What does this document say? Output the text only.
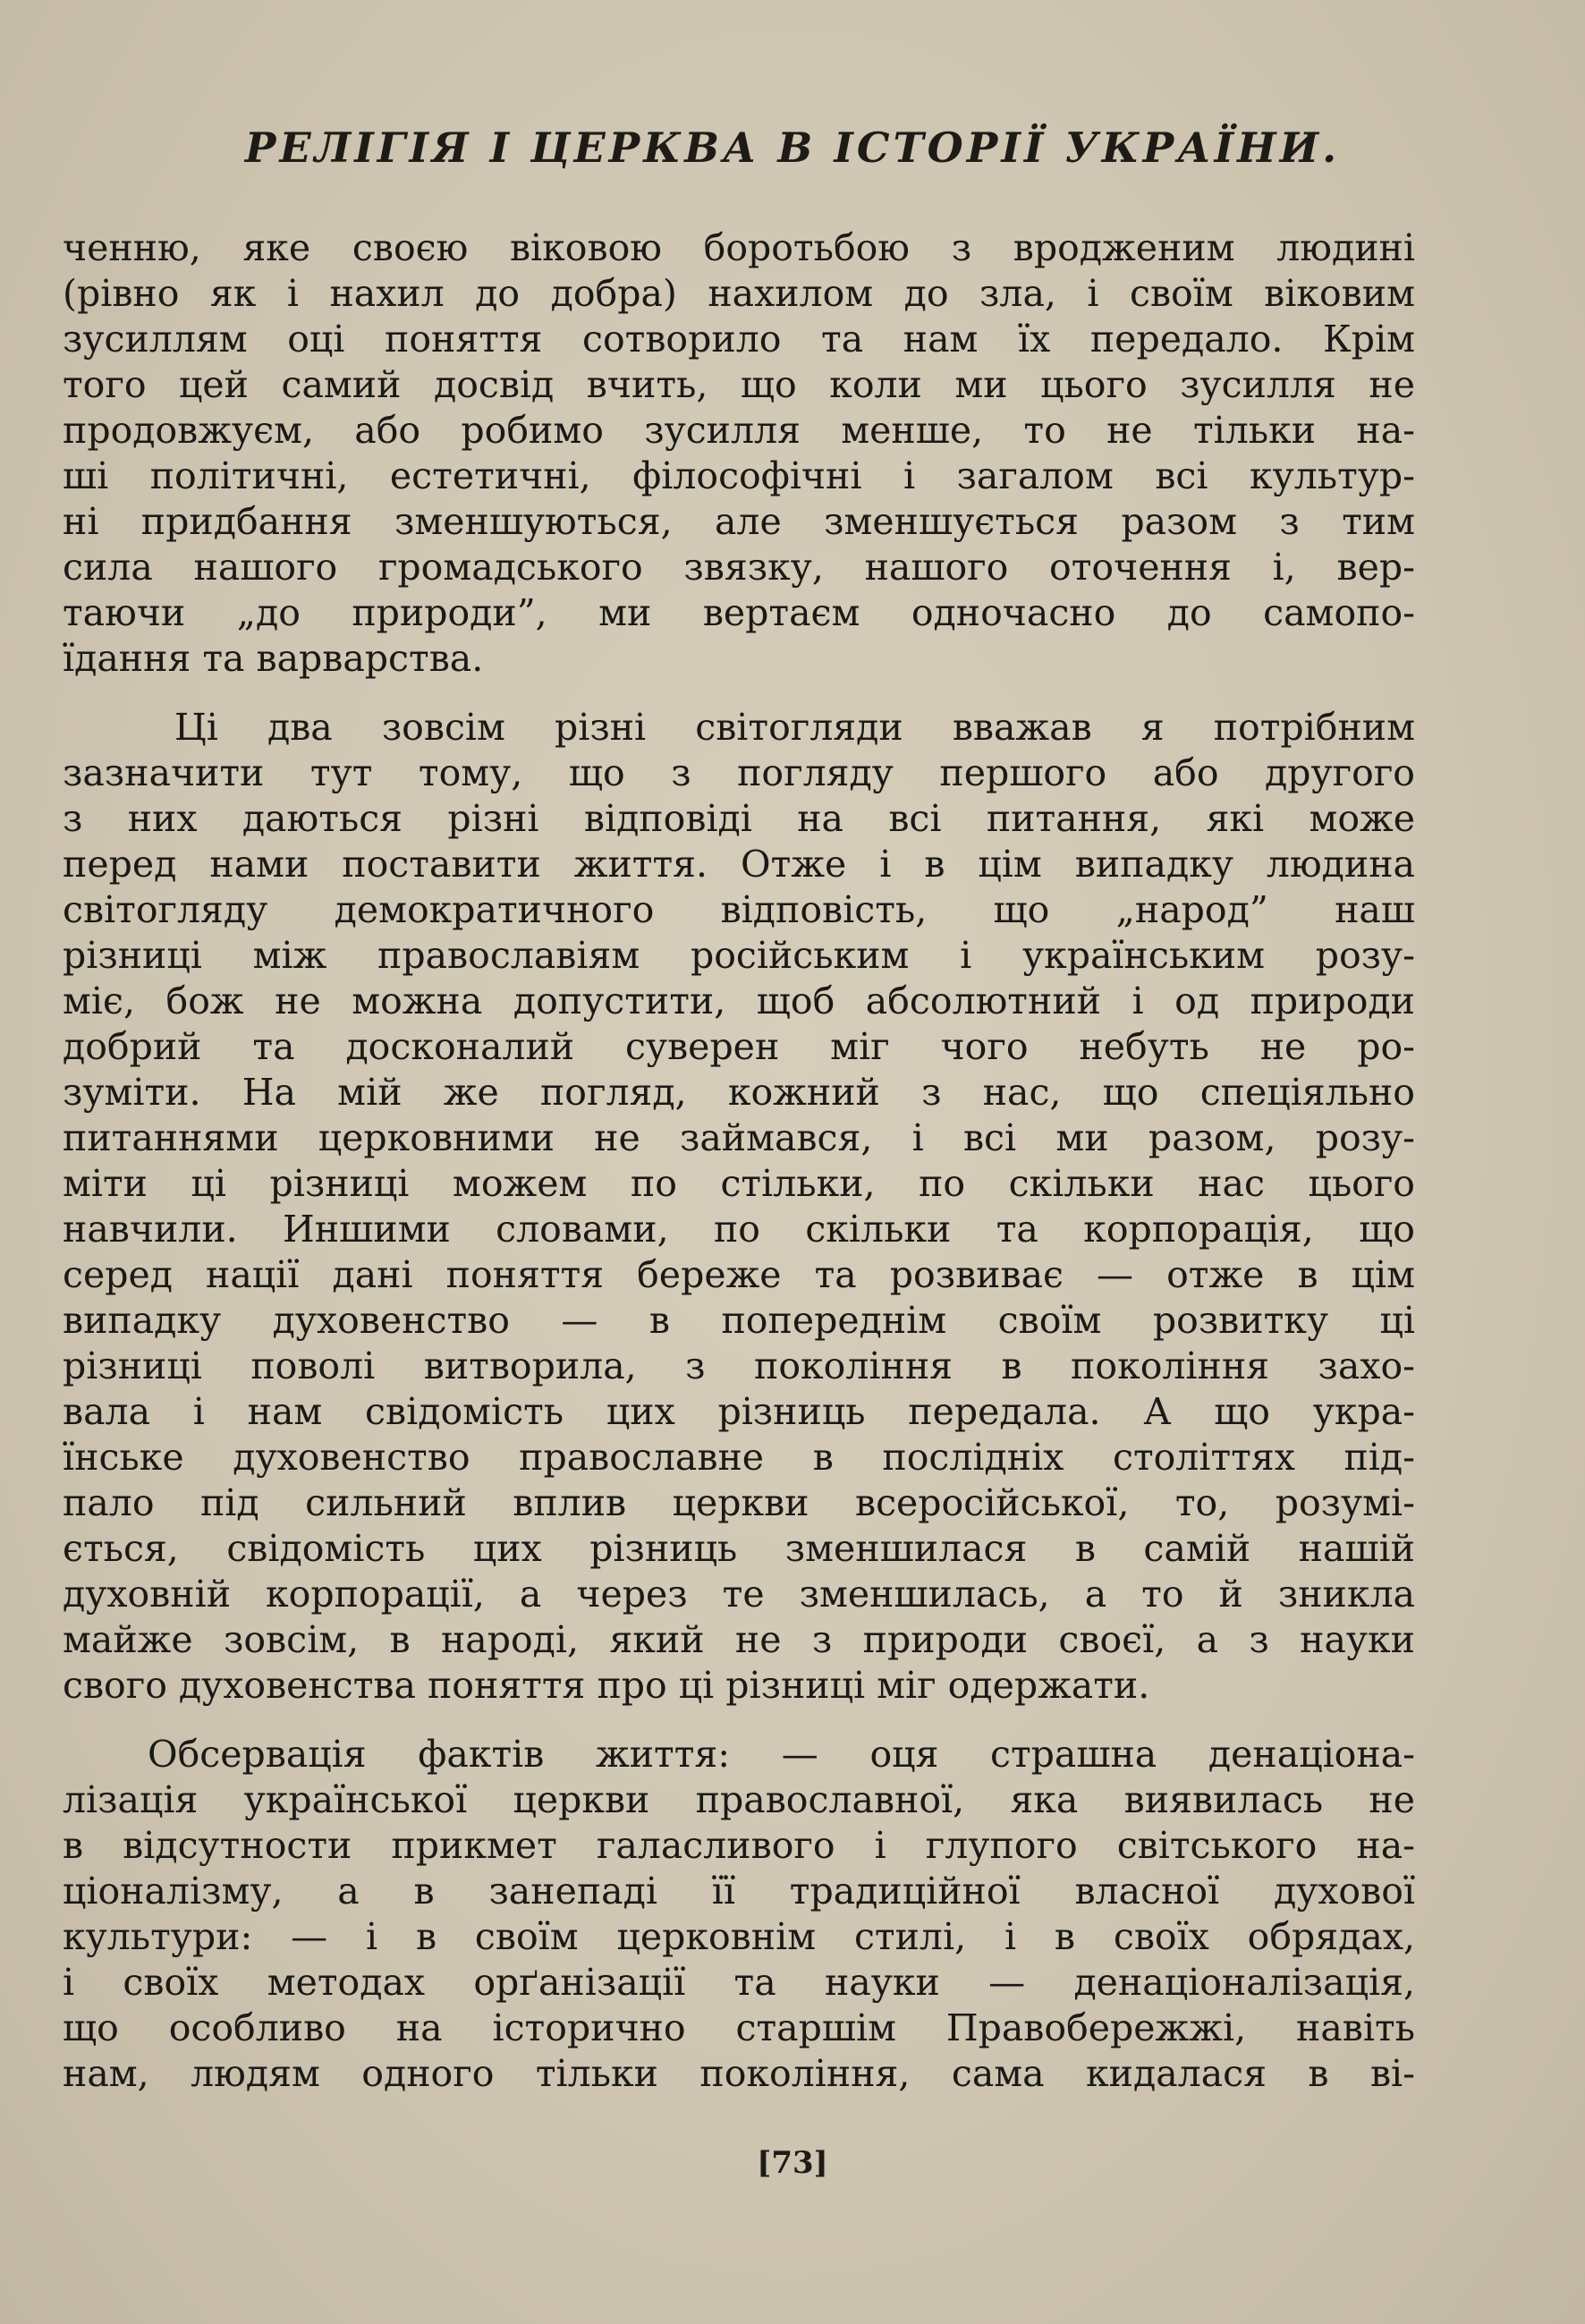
РЕЛІГІЯ І ЦЕРКВА В ІСТОРІЇ УКРАЇНИ.
ченню, яке своєю віковою боротьбою з вродженим людині
(рівно як і нахил до добра) нахилом до зла, і своїм віковим
зусиллям оці поняття сотворило та нам їх передало. Крім
того цей самий досвід вчить, що коли ми цього зусилля не
продовжуєм, або робимо зусилля менше, то не тільки на-
ші політичні, естетичні, філософічні і загалом всі культур-
ні придбання зменшуються, але зменшується разом з тим
сила нашого громадського звязку, нашого оточення і, вер-
таючи „до природи”, ми вертаєм одночасно до самопо-
їдання та варварства.
Ці два зовсім різні світогляди вважав я потрібним
зазначити тут тому, що з погляду першого або другого
з них даються різні відповіді на всі питання, які може
перед нами поставити життя. Отже і в цім випадку людина
світогляду демократичного відповість, що „народ” наш
різниці між православіям російським і українським розу-
міє, бож не можна допустити, щоб абсолютний і од природи
добрий та досконалий суверен міг чого небуть не ро-
зуміти. На мій же погляд, кожний з нас, що спеціяльно
питаннями церковними не займався, і всі ми разом, розу-
міти ці різниці можем по стільки, по скільки нас цього
навчили. Иншими словами, по скільки та корпорація, що
серед нації дані поняття береже та розвиває — отже в цім
випадку духовенство — в попереднім своїм розвитку ці
різниці поволі витворила, з покоління в покоління захо-
вала і нам свідомість цих різниць передала. А що укра-
їнське духовенство православне в послідніх століттях під-
пало під сильний вплив церкви всеросійської, то, розумі-
ється, свідомість цих різниць зменшилася в самій нашій
духовній корпорації, а через те зменшилась, а то й зникла
майже зовсім, в народі, який не з природи своєї, а з науки
свого духовенства поняття про ці різниці міг одержати.
Обсервація фактів життя: — оця страшна денаціона-
лізація української церкви православної, яка виявилась не
в відсутности прикмет галасливого і глупого світського на-
ціоналізму, а в занепаді її традиційної власної духової
культури: — і в своїм церковнім стилі, і в своїх обрядах,
і своїх методах орґанізації та науки — денаціоналізація,
що особливо на історично старшім Правобережжі, навіть
нам, людям одного тільки покоління, сама кидалася в ві-
[73]
